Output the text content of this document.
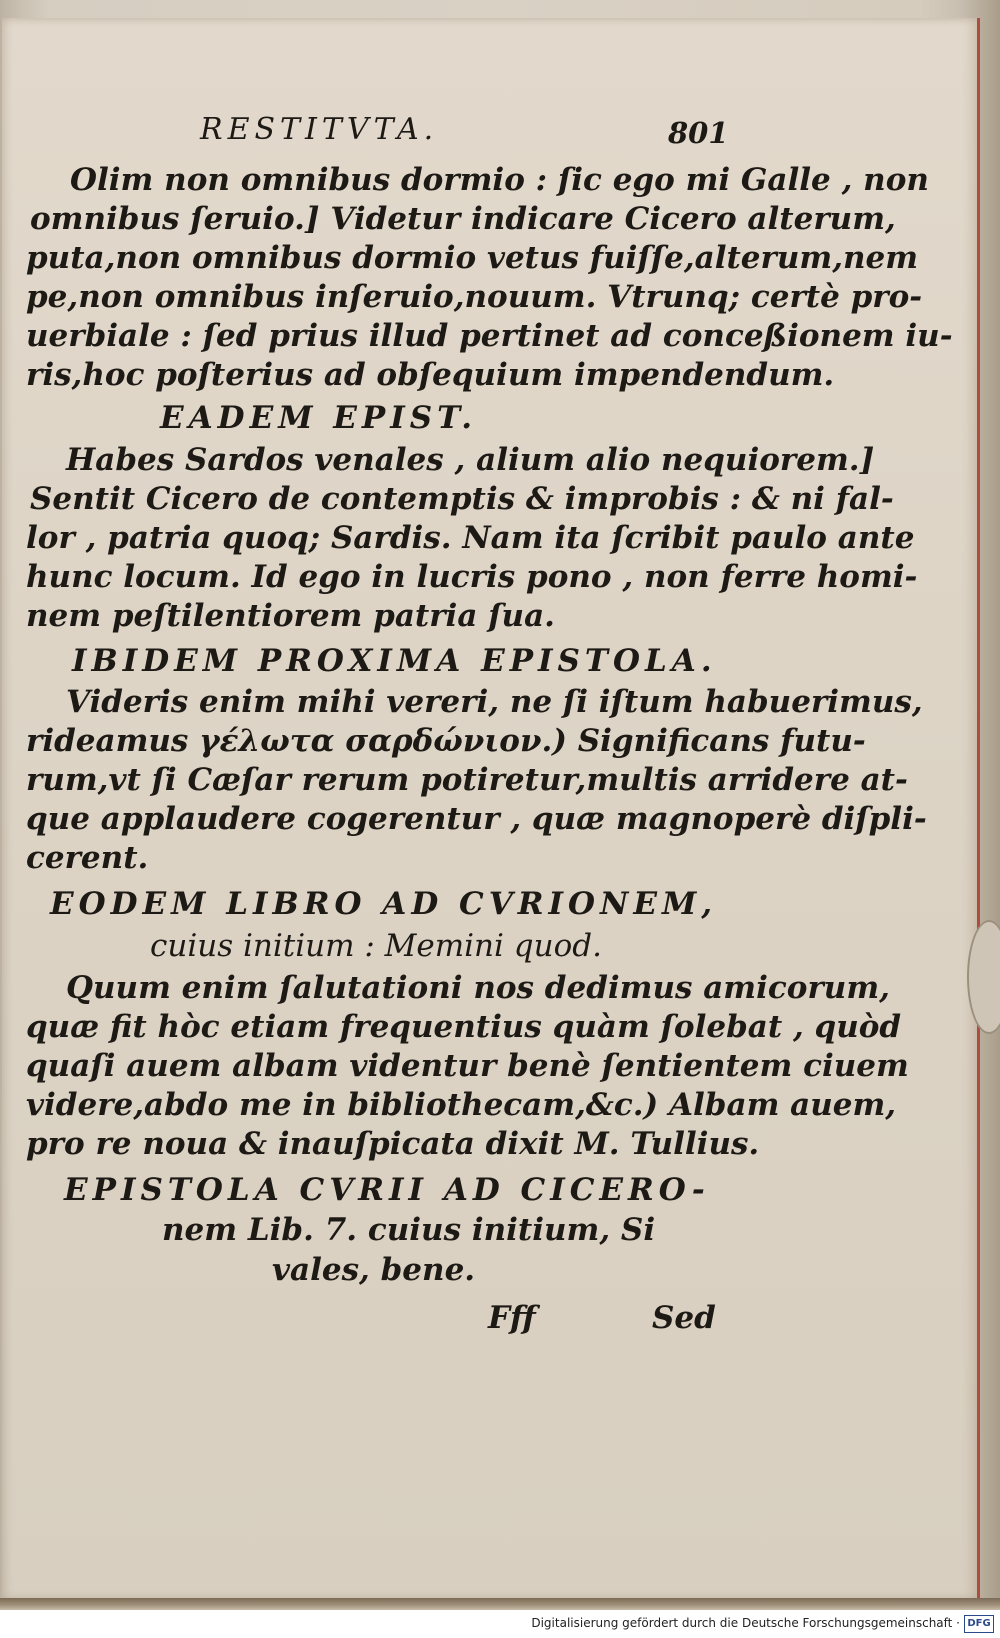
RESTITVTA.	801
Olim non omnibus dormio : ſic ego mi Galle , non
omnibus ſeruio.] Videtur indicare Cicero alterum,
puta,non omnibus dormio vetus fuiſſe,alterum,nem
pe,non omnibus inſeruio,nouum. Vtrunq; certè pro-
uerbiale : ſed prius illud pertinet ad conceßionem iu-
ris,hoc poſterius ad obſequium impendendum.
EADEM EPIST.
Habes Sardos venales , alium alio nequiorem.]
Sentit Cicero de contemptis & improbis : & ni fal-
lor , patria quoq; Sardis. Nam ita ſcribit paulo ante
hunc locum. Id ego in lucris pono , non ferre homi-
nem peſtilentiorem patria ſua.
IBIDEM PROXIMA EPISTOLA.
Videris enim mihi vereri, ne ſi iſtum habuerimus,
rideamus γέλωτα σαρδώνιον.) Significans futu-
rum,vt ſi Cæſar rerum potiretur,multis arridere at-
que applaudere cogerentur , quæ magnoperè diſpli-
cerent.
EODEM LIBRO AD CVRIONEM,
cuius initium : Memini quod.
Quum enim ſalutationi nos dedimus amicorum,
quæ fit hòc etiam frequentius quàm ſolebat , quòd
quaſi auem albam videntur benè ſentientem ciuem
videre,abdo me in bibliothecam,&c.) Albam auem,
pro re noua & inauſpicata dixit M. Tullius.
EPISTOLA CVRII AD CICERO-
nem Lib. 7. cuius initium, Si
vales, bene.
Fff	Sed
Digitalisierung gefördert durch die Deutsche Forschungsgemeinschaft · DFG
